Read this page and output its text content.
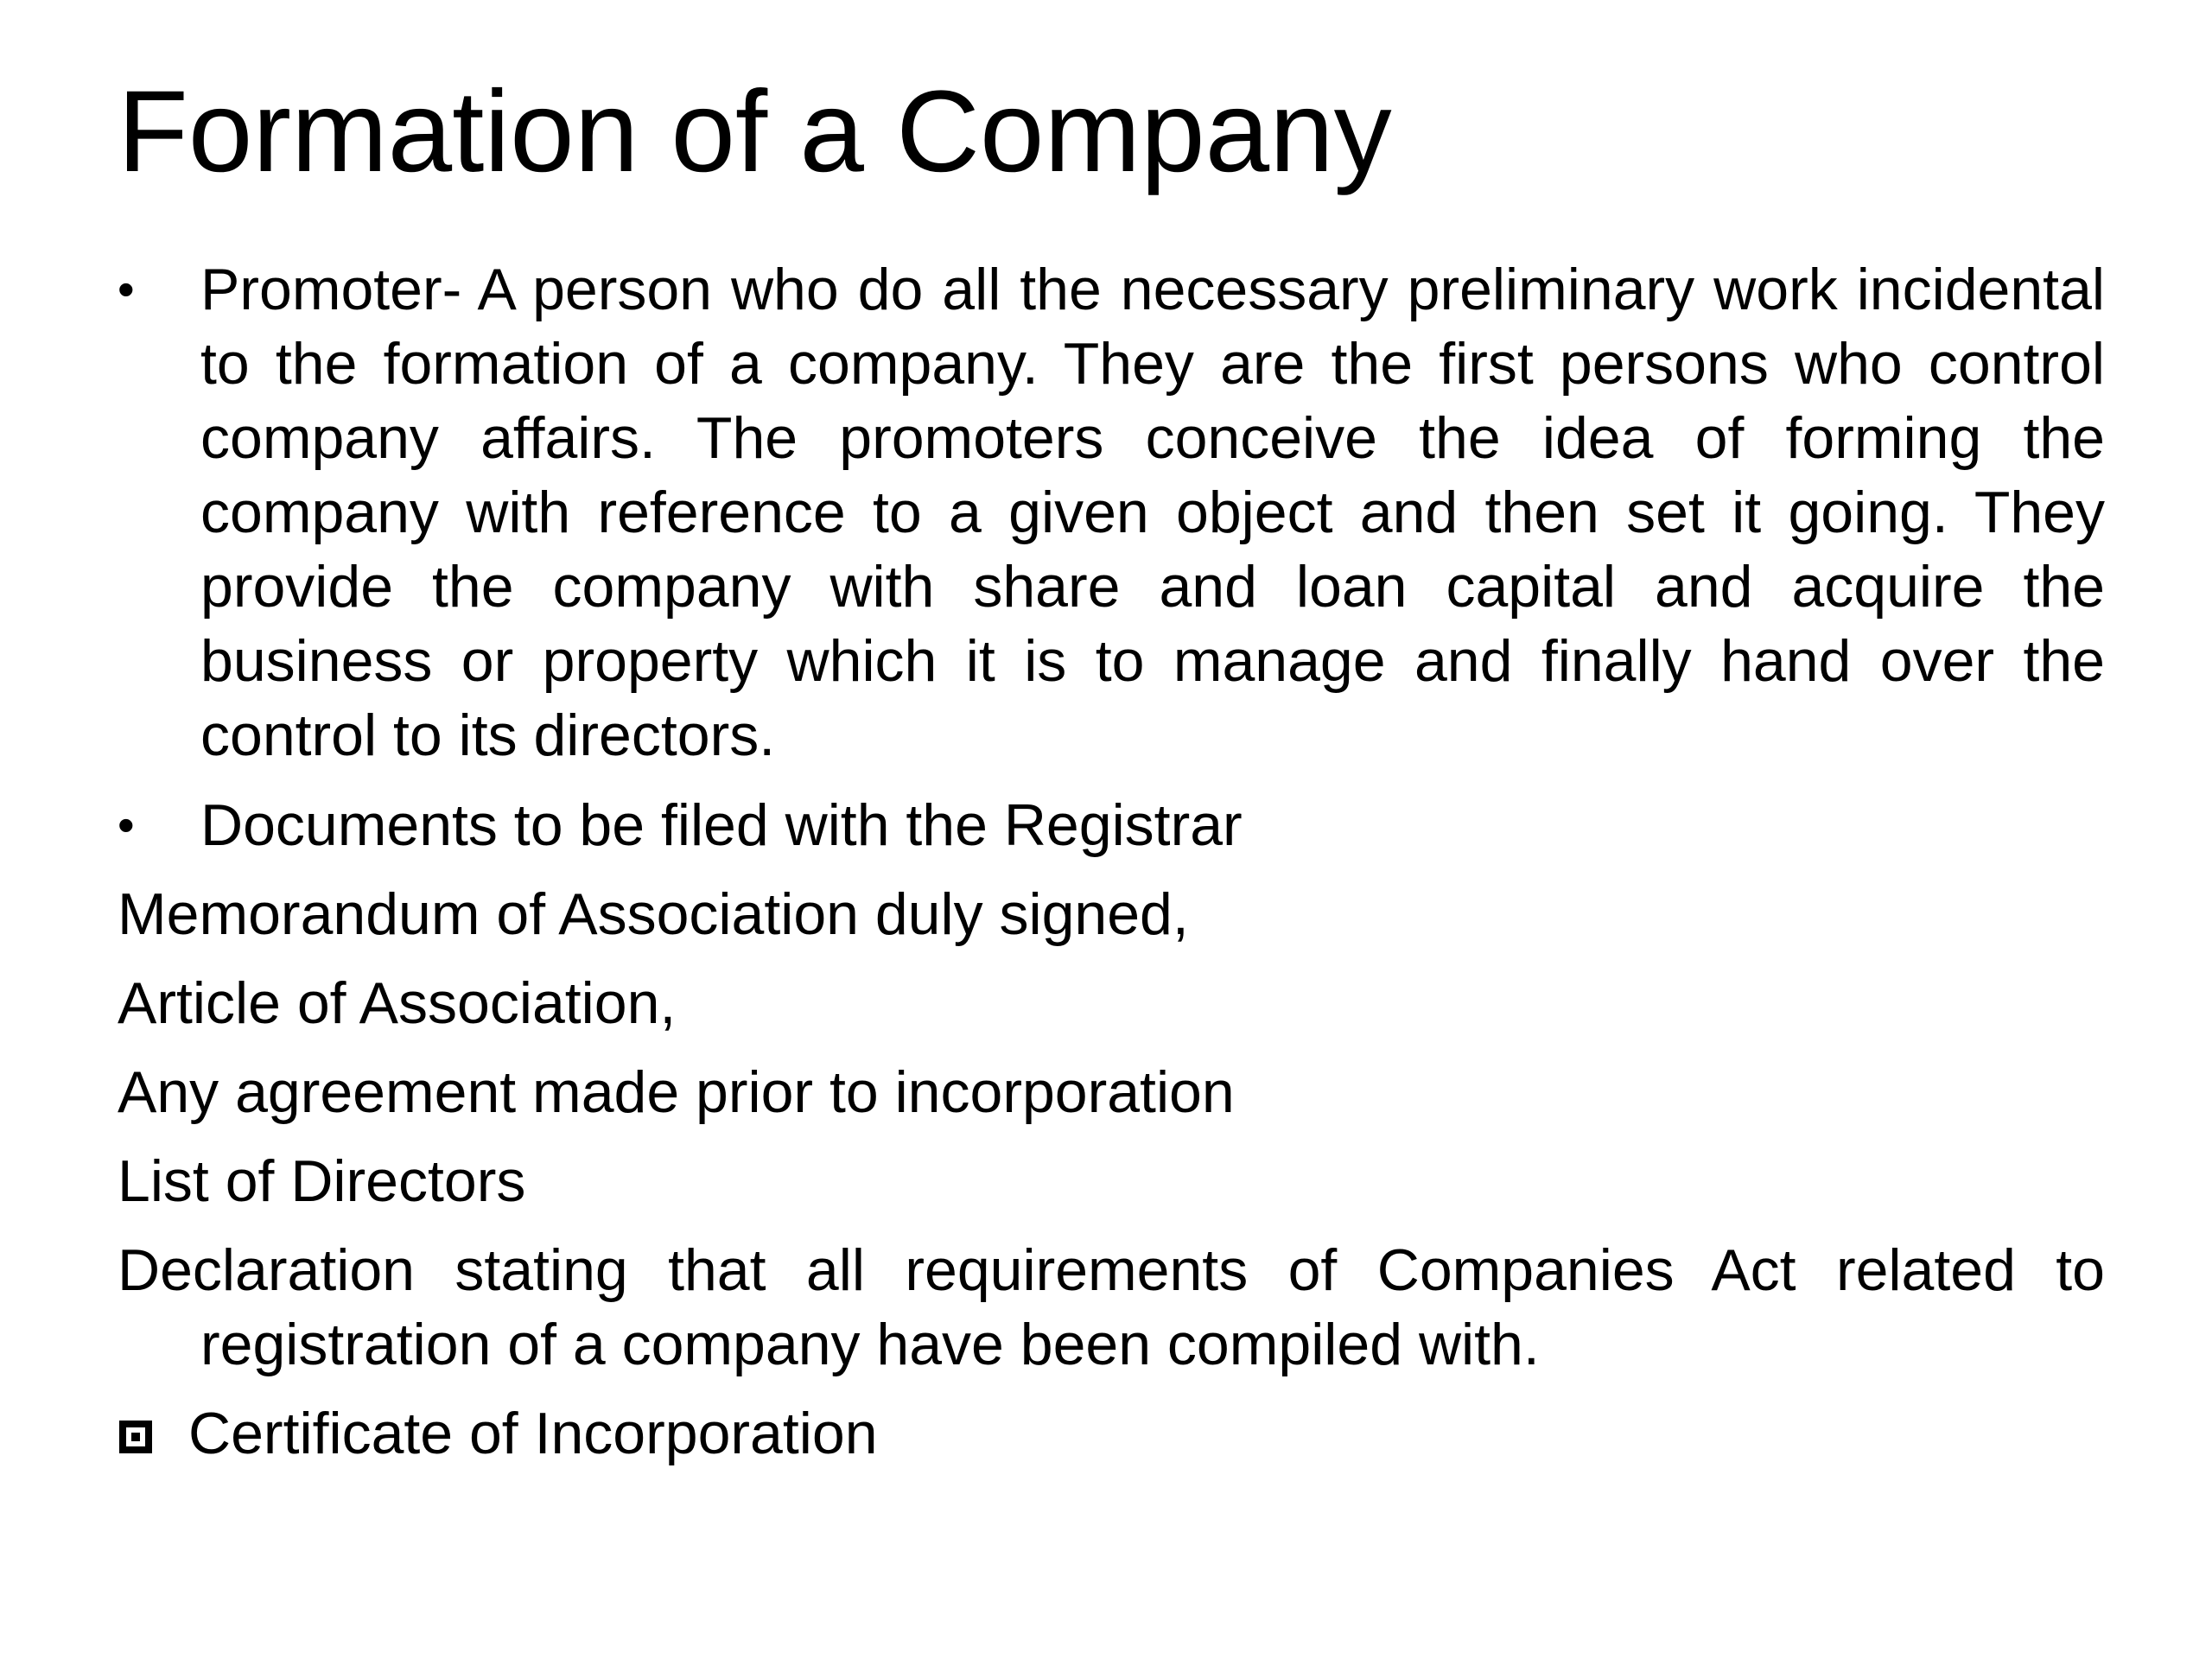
Formation of a Company

• Promoter- A person who do all the necessary preliminary work incidental to the formation of a company. They are the first persons who control company affairs. The promoters conceive the idea of forming the company with reference to a given object and then set it going. They provide the company with share and loan capital and acquire the business or property which it is to manage and finally hand over the control to its directors.

• Documents to be filed with the Registrar

Memorandum of Association duly signed,

Article of Association,

Any agreement made prior to incorporation

List of Directors

Declaration stating that all requirements of Companies Act related to registration of a company have been compiled with.

Certificate of Incorporation
